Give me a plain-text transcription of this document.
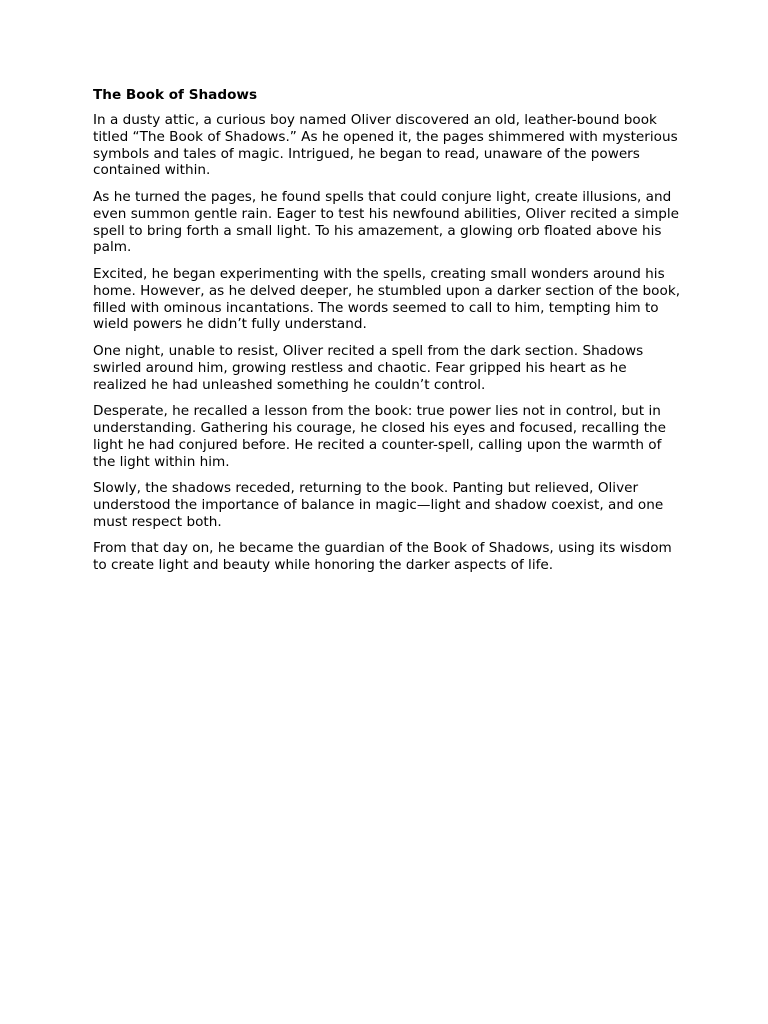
The Book of Shadows

In a dusty attic, a curious boy named Oliver discovered an old, leather-bound book titled “The Book of Shadows.” As he opened it, the pages shimmered with mysterious symbols and tales of magic. Intrigued, he began to read, unaware of the powers contained within.

As he turned the pages, he found spells that could conjure light, create illusions, and even summon gentle rain. Eager to test his newfound abilities, Oliver recited a simple spell to bring forth a small light. To his amazement, a glowing orb floated above his palm.

Excited, he began experimenting with the spells, creating small wonders around his home. However, as he delved deeper, he stumbled upon a darker section of the book, filled with ominous incantations. The words seemed to call to him, tempting him to wield powers he didn’t fully understand.

One night, unable to resist, Oliver recited a spell from the dark section. Shadows swirled around him, growing restless and chaotic. Fear gripped his heart as he realized he had unleashed something he couldn’t control.

Desperate, he recalled a lesson from the book: true power lies not in control, but in understanding. Gathering his courage, he closed his eyes and focused, recalling the light he had conjured before. He recited a counter-spell, calling upon the warmth of the light within him.

Slowly, the shadows receded, returning to the book. Panting but relieved, Oliver understood the importance of balance in magic—light and shadow coexist, and one must respect both.

From that day on, he became the guardian of the Book of Shadows, using its wisdom to create light and beauty while honoring the darker aspects of life.
